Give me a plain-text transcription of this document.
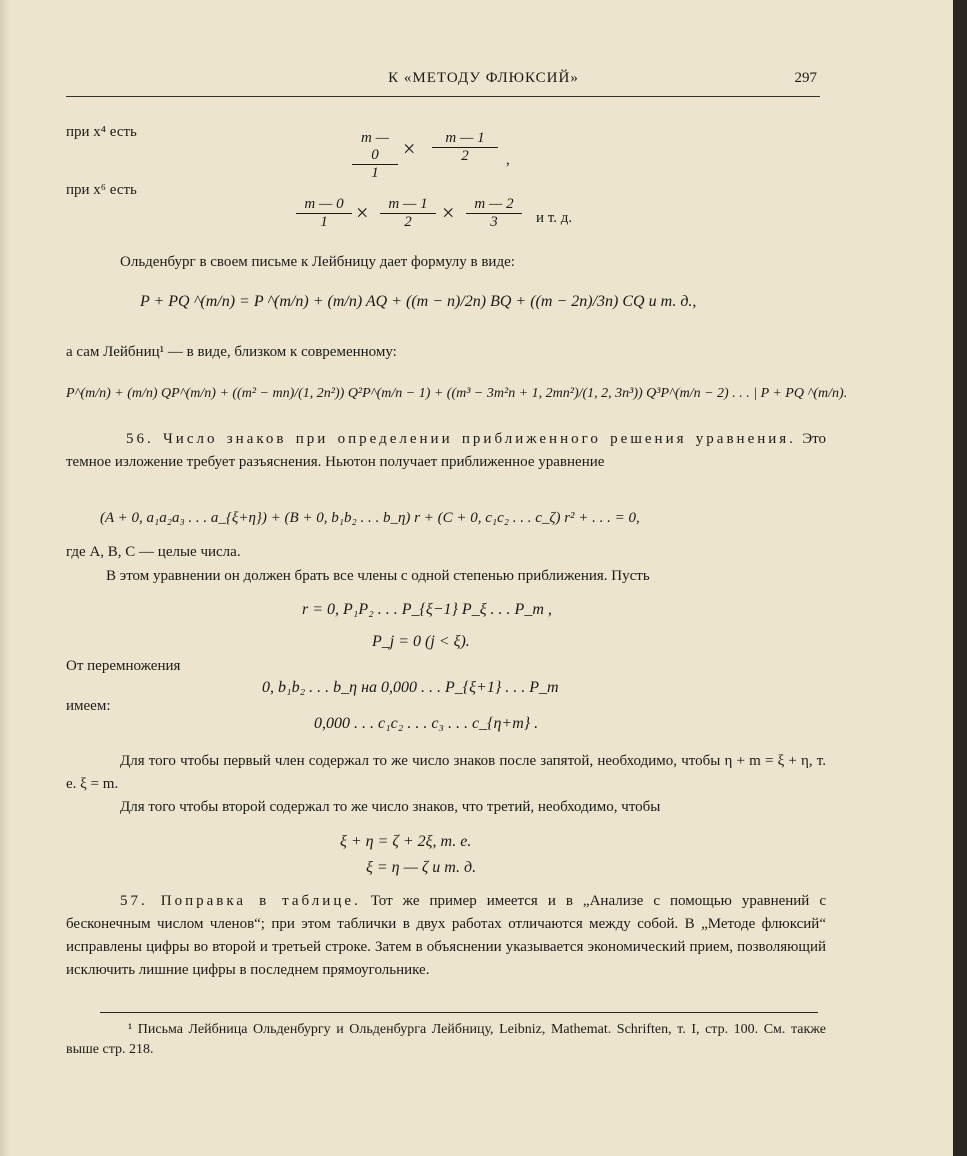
К «МЕТОДУ ФЛЮКСИЙ»	297
при x⁴ есть	$\frac{m — 0}{1} \times \frac{m — 1}{2}$ ,
при x⁶ есть
$\frac{m — 0}{1} \times \frac{m — 1}{2} \times \frac{m — 2}{3}$ и т. д.
Ольденбург в своем письме к Лейбницу дает формулу в виде:
P + PQ ^(m/n) = P ^(m/n) + (m/n) AQ + ((m − n)/2n) BQ + ((m − 2n)/3n) CQ и т. д.,
а сам Лейбниц¹ — в виде, близком к современному:
P^(m/n) + (m/n) QP^(m/n) + ((m² − mn)/(1, 2n²)) Q²P^(m/n − 1) + ((m³ − 3m²n + 1, 2mn²)/(1, 2, 3n³)) Q³P^(m/n − 2) . . . | P + PQ ^(m/n).
56. Число знаков при определении приближенного решения уравнения. Это темное изложение требует разъяснения. Ньютон получает приближенное уравнение
(A + 0, a₁a₂a₃ . . . a_{ξ+η}) + (B + 0, b₁b₂ . . . b_η) r + (C + 0, c₁c₂ . . . c_ζ) r² + . . . = 0,
где A, B, C — целые числа.
В этом уравнении он должен брать все члены с одной степенью приближения. Пусть
r = 0, P₁P₂ . . . P_{ξ−1} P_ξ . . . P_m ,
P_j = 0 (j < ξ).
От перемножения
0, b₁b₂ . . . b_η на 0,000 . . . P_{ξ+1} . . . P_m
имеем:
0,000 . . . c₁c₂ . . . c₃ . . . c_{η+m} .
Для того чтобы первый член содержал то же число знаков после запятой, необходимо, чтобы η + m = ξ + η, т. е. ξ = m.
Для того чтобы второй содержал то же число знаков, что третий, необходимо, чтобы
ξ + η = ζ + 2ξ, т. е.
ξ = η — ζ и т. д.
57. Поправка в таблице. Тот же пример имеется и в „Анализе с помощью уравнений с бесконечным числом членов“; при этом таблички в двух работах отличаются между собой. В „Методе флюксий“ исправлены цифры во второй и третьей строке. Затем в объяснении указывается экономический прием, позволяющий исключить лишние цифры в последнем прямоугольнике.
¹ Письма Лейбница Ольденбургу и Ольденбурга Лейбницу, Leibniz, Mathemat. Schriften, т. I, стр. 100. См. также выше стр. 218.
